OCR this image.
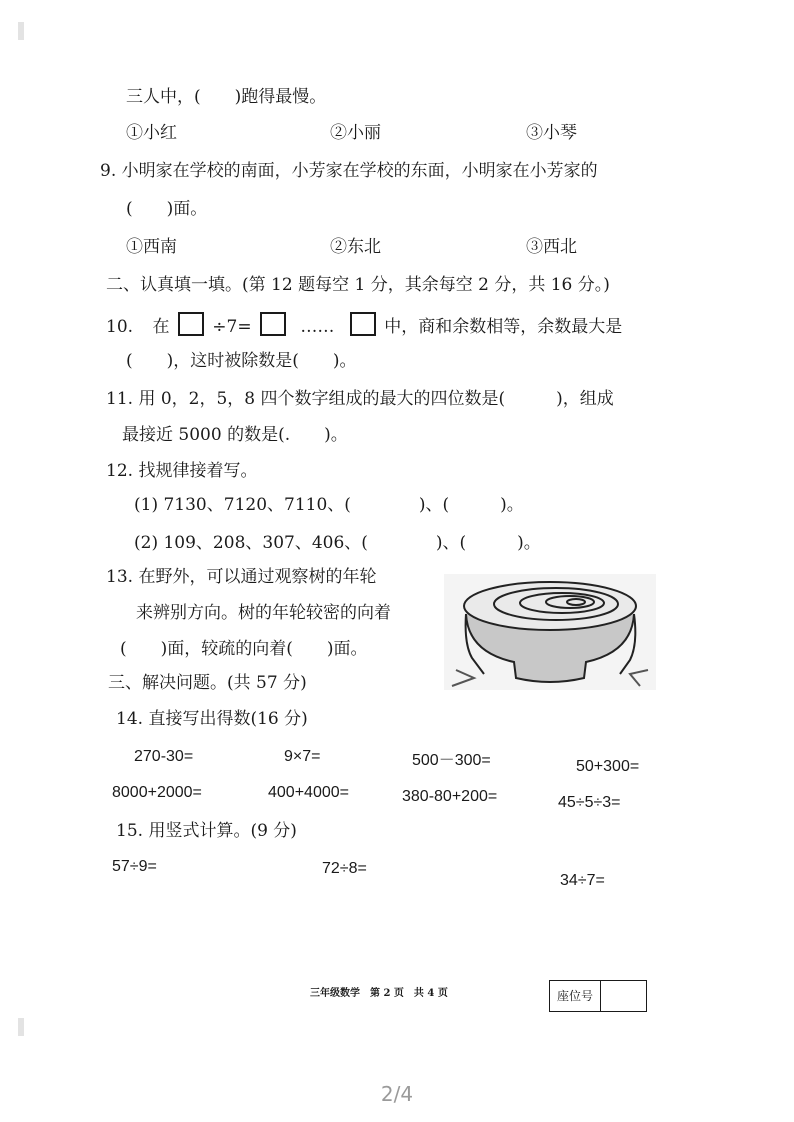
三人中，(　　)跑得最慢。
①小红	②小丽	③小琴
9. 小明家在学校的南面，小芳家在学校的东面，小明家在小芳家的
(　　)面。
①西南	②东北	③西北
二、认真填一填。(第 12 题每空 1 分，其余每空 2 分，共 16 分。)
10. 在	÷7=	……	中，商和余数相等，余数最大是
(　　)，这时被除数是(　　)。
11. 用 0，2，5，8 四个数字组成的最大的四位数是(　　　)，组成
最接近 5000 的数是(.　　)。
12. 找规律接着写。
(1) 7130、7120、7110、(　　　　)、(　　　)。
(2) 109、208、307、406、(　　　　)、(　　　)。
13. 在野外，可以通过观察树的年轮
来辨别方向。树的年轮较密的向着
(　　)面，较疏的向着(　　)面。
三、解决问题。(共 57 分)
14. 直接写出得数(16 分)
270-30=	9×7=	500－300=	50+300=
8000+2000=	400+4000=	380-80+200=	45÷5÷3=
15. 用竖式计算。(9 分)
57÷9=	72÷8=
34÷7=
三年级数学　第 2 页　共 4 页	座位号
2/4
